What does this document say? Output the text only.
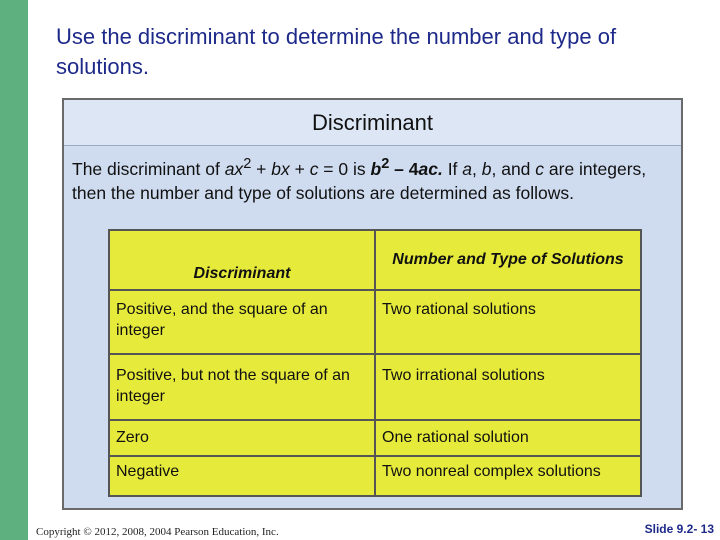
Use the discriminant to determine the number and type of solutions.
Discriminant
The discriminant of $ax^2$ + bx + c = 0 is $b^2 - 4ac$. If a, b, and c are integers, then the number and type of solutions are determined as follows.
Discriminant	Number and Type of Solutions
Positive, and the square of an integer	Two rational solutions
Positive, but not the square of an integer	Two irrational solutions
Zero	One rational solution
Negative	Two nonreal complex solutions
Copyright © 2012, 2008, 2004 Pearson Education, Inc.	Slide 9.2- 13
